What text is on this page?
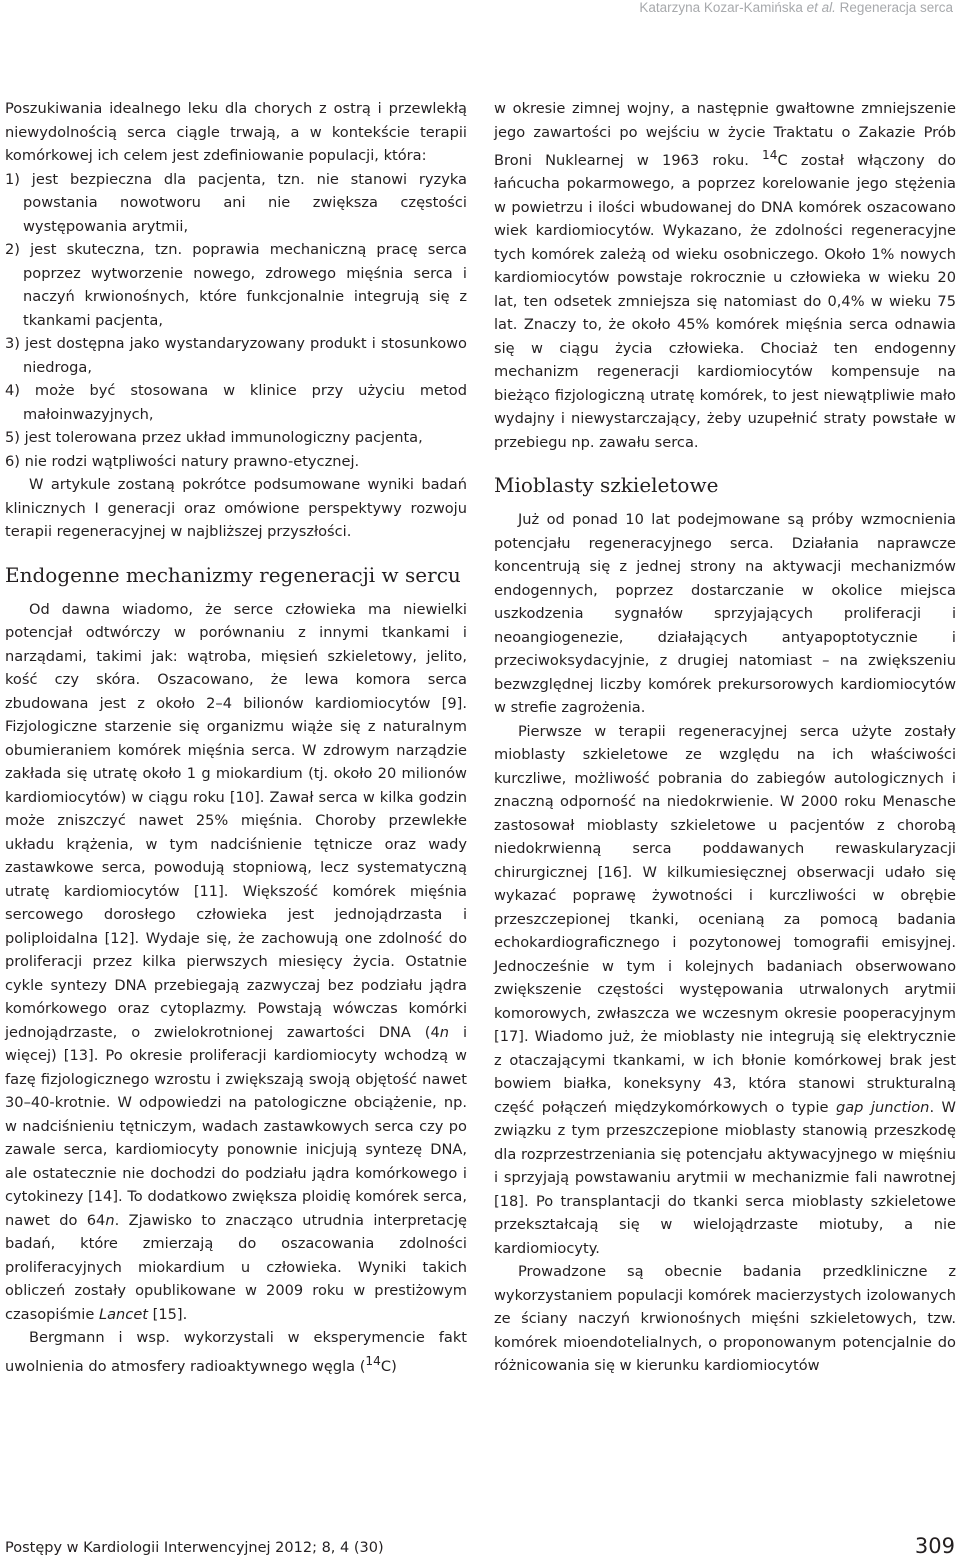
Katarzyna Kozar-Kamińska et al. Regeneracja serca

Poszukiwania idealnego leku dla chorych z ostrą i przewlekłą niewydolnością serca ciągle trwają, a w kontekście terapii komórkowej ich celem jest zdefiniowanie populacji, która:

1) jest bezpieczna dla pacjenta, tzn. nie stanowi ryzyka powstania nowotworu ani nie zwiększa częstości występowania arytmii,

2) jest skuteczna, tzn. poprawia mechaniczną pracę serca poprzez wytworzenie nowego, zdrowego mięśnia serca i naczyń krwionośnych, które funkcjonalnie integrują się z tkankami pacjenta,

3) jest dostępna jako wystandaryzowany produkt i stosunkowo niedroga,

4) może być stosowana w klinice przy użyciu metod małoinwazyjnych,

5) jest tolerowana przez układ immunologiczny pacjenta,

6) nie rodzi wątpliwości natury prawno-etycznej.

W artykule zostaną pokrótce podsumowane wyniki badań klinicznych I generacji oraz omówione perspektywy rozwoju terapii regeneracyjnej w najbliższej przyszłości.

Endogenne mechanizmy regeneracji w sercu

Od dawna wiadomo, że serce człowieka ma niewielki potencjał odtwórczy w porównaniu z innymi tkankami i narządami, takimi jak: wątroba, mięsień szkieletowy, jelito, kość czy skóra. Oszacowano, że lewa komora serca zbudowana jest z około 2–4 bilionów kardiomiocytów [9]. Fizjologiczne starzenie się organizmu wiąże się z naturalnym obumieraniem komórek mięśnia serca. W zdrowym narządzie zakłada się utratę około 1 g miokardium (tj. około 20 milionów kardiomiocytów) w ciągu roku [10]. Zawał serca w kilka godzin może zniszczyć nawet 25% mięśnia. Choroby przewlekłe układu krążenia, w tym nadciśnienie tętnicze oraz wady zastawkowe serca, powodują stopniową, lecz systematyczną utratę kardiomiocytów [11]. Większość komórek mięśnia sercowego dorosłego człowieka jest jednojądrzasta i poliploidalna [12]. Wydaje się, że zachowują one zdolność do proliferacji przez kilka pierwszych miesięcy życia. Ostatnie cykle syntezy DNA przebiegają zazwyczaj bez podziału jądra komórkowego oraz cytoplazmy. Powstają wówczas komórki jednojądrzaste, o zwielokrotnionej zawartości DNA (4n i więcej) [13]. Po okresie proliferacji kardiomiocyty wchodzą w fazę fizjologicznego wzrostu i zwiększają swoją objętość nawet 30–40-krotnie. W odpowiedzi na patologiczne obciążenie, np. w nadciśnieniu tętniczym, wadach zastawkowych serca czy po zawale serca, kardiomiocyty ponownie inicjują syntezę DNA, ale ostatecznie nie dochodzi do podziału jądra komórkowego i cytokinezy [14]. To dodatkowo zwiększa ploidię komórek serca, nawet do 64n. Zjawisko to znacząco utrudnia interpretację badań, które zmierzają do oszacowania zdolności proliferacyjnych miokardium u człowieka. Wyniki takich obliczeń zostały opublikowane w 2009 roku w prestiżowym czasopiśmie Lancet [15].

Bergmann i wsp. wykorzystali w eksperymencie fakt uwolnienia do atmosfery radioaktywnego węgla ($^{14}$C)

w okresie zimnej wojny, a następnie gwałtowne zmniejszenie jego zawartości po wejściu w życie Traktatu o Zakazie Prób Broni Nuklearnej w 1963 roku. $^{14}$C został włączony do łańcucha pokarmowego, a poprzez korelowanie jego stężenia w powietrzu i ilości wbudowanej do DNA komórek oszacowano wiek kardiomiocytów. Wykazano, że zdolności regeneracyjne tych komórek zależą od wieku osobniczego. Około 1% nowych kardiomiocytów powstaje rokrocznie u człowieka w wieku 20 lat, ten odsetek zmniejsza się natomiast do 0,4% w wieku 75 lat. Znaczy to, że około 45% komórek mięśnia serca odnawia się w ciągu życia człowieka. Chociaż ten endogenny mechanizm regeneracji kardiomiocytów kompensuje na bieżąco fizjologiczną utratę komórek, to jest niewątpliwie mało wydajny i niewystarczający, żeby uzupełnić straty powstałe w przebiegu np. zawału serca.

Mioblasty szkieletowe

Już od ponad 10 lat podejmowane są próby wzmocnienia potencjału regeneracyjnego serca. Działania naprawcze koncentrują się z jednej strony na aktywacji mechanizmów endogennych, poprzez dostarczanie w okolice miejsca uszkodzenia sygnałów sprzyjających proliferacji i neoangiogenezie, działających antyapoptotycznie i przeciwoksydacyjnie, z drugiej natomiast – na zwiększeniu bezwzględnej liczby komórek prekursorowych kardiomiocytów w strefie zagrożenia.

Pierwsze w terapii regeneracyjnej serca użyte zostały mioblasty szkieletowe ze względu na ich właściwości kurczliwe, możliwość pobrania do zabiegów autologicznych i znaczną odporność na niedokrwienie. W 2000 roku Menasche zastosował mioblasty szkieletowe u pacjentów z chorobą niedokrwienną serca poddawanych rewaskularyzacji chirurgicznej [16]. W kilkumiesięcznej obserwacji udało się wykazać poprawę żywotności i kurczliwości w obrębie przeszczepionej tkanki, ocenianą za pomocą badania echokardiograficznego i pozytonowej tomografii emisyjnej. Jednocześnie w tym i kolejnych badaniach obserwowano zwiększenie częstości występowania utrwalonych arytmii komorowych, zwłaszcza we wczesnym okresie pooperacyjnym [17]. Wiadomo już, że mioblasty nie integrują się elektrycznie z otaczającymi tkankami, w ich błonie komórkowej brak jest bowiem białka, koneksyny 43, która stanowi strukturalną część połączeń międzykomórkowych o typie gap junction. W związku z tym przeszczepione mioblasty stanowią przeszkodę dla rozprzestrzeniania się potencjału aktywacyjnego w mięśniu i sprzyjają powstawaniu arytmii w mechanizmie fali nawrotnej [18]. Po transplantacji do tkanki serca mioblasty szkieletowe przekształcają się w wielojądrzaste miotuby, a nie kardiomiocyty.

Prowadzone są obecnie badania przedkliniczne z wykorzystaniem populacji komórek macierzystych izolowanych ze ściany naczyń krwionośnych mięśni szkieletowych, tzw. komórek mioendotelialnych, o proponowanym potencjalnie do różnicowania się w kierunku kardiomiocytów

Postępy w Kardiologii Interwencyjnej 2012; 8, 4 (30)	309
